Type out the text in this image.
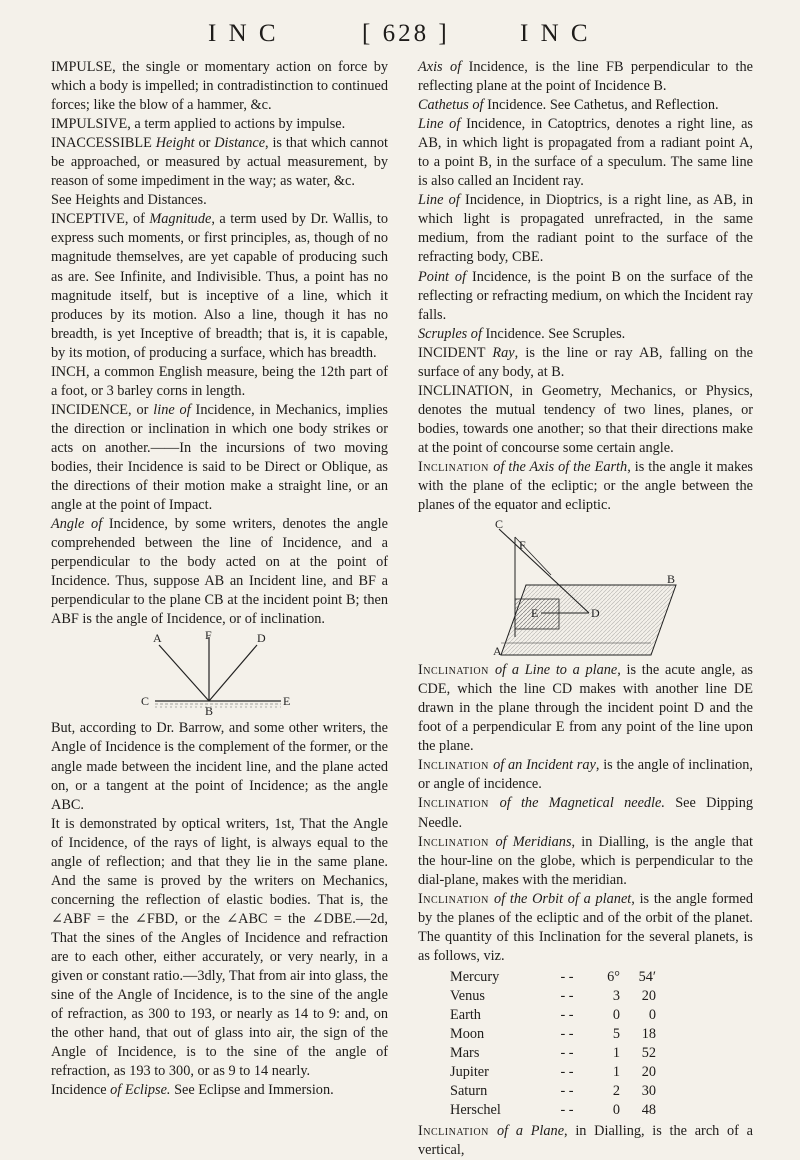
I N C	[ 628 ]	I N C

IMPULSE, the single or momentary action on force by which a body is impelled; in contradistinction to continued forces; like the blow of a hammer, &c.

IMPULSIVE, a term applied to actions by impulse.

INACCESSIBLE Height or Distance, is that which cannot be approached, or measured by actual measurement, by reason of some impediment in the way; as water, &c.

See Heights and Distances.

INCEPTIVE, of Magnitude, a term used by Dr. Wallis, to express such moments, or first principles, as, though of no magnitude themselves, are yet capable of producing such as are. See Infinite, and Indivisible. Thus, a point has no magnitude itself, but is inceptive of a line, which it produces by its motion. Also a line, though it has no breadth, is yet Inceptive of breadth; that is, it is capable, by its motion, of producing a surface, which has breadth.

INCH, a common English measure, being the 12th part of a foot, or 3 barley corns in length.

INCIDENCE, or line of Incidence, in Mechanics, implies the direction or inclination in which one body strikes or acts on another.——In the incursions of two moving bodies, their Incidence is said to be Direct or Oblique, as the directions of their motion make a straight line, or an angle at the point of Impact.

Angle of Incidence, by some writers, denotes the angle comprehended between the line of Incidence, and a perpendicular to the body acted on at the point of Incidence. Thus, suppose AB an Incident line, and BF a perpendicular to the plane CB at the incident point B; then ABF is the angle of Incidence, or of inclination.

A	F	D
C
B
E

But, according to Dr. Barrow, and some other writers, the Angle of Incidence is the complement of the former, or the angle made between the incident line, and the plane acted on, or a tangent at the point of Incidence; as the angle ABC.

It is demonstrated by optical writers, 1st, That the Angle of Incidence, of the rays of light, is always equal to the angle of reflection; and that they lie in the same plane. And the same is proved by the writers on Mechanics, concerning the reflection of elastic bodies. That is, the ∠ABF = the ∠FBD, or the ∠ABC = the ∠DBE.—2d, That the sines of the Angles of Incidence and refraction are to each other, either accurately, or very nearly, in a given or constant ratio.—3dly, That from air into glass, the sine of the Angle of Incidence, is to the sine of the angle of refraction, as 300 to 193, or nearly as 14 to 9: and, on the other hand, that out of glass into air, the sign of the Angle of Incidence, is to the sine of the angle of refraction, as 193 to 300, or as 9 to 14 nearly.

Incidence of Eclipse. See Eclipse and Immersion.

Axis of Incidence, is the line FB perpendicular to the reflecting plane at the point of Incidence B.

Cathetus of Incidence. See Cathetus, and Reflection.

Line of Incidence, in Catoptrics, denotes a right line, as AB, in which light is propagated from a radiant point A, to a point B, in the surface of a speculum. The same line is also called an Incident ray.

Line of Incidence, in Dioptrics, is a right line, as AB, in which light is propagated unrefracted, in the same medium, from the radiant point to the surface of the refracting body, CBE.

Point of Incidence, is the point B on the surface of the reflecting or refracting medium, on which the Incident ray falls.

Scruples of Incidence. See Scruples.

INCIDENT Ray, is the line or ray AB, falling on the surface of any body, at B.

INCLINATION, in Geometry, Mechanics, or Physics, denotes the mutual tendency of two lines, planes, or bodies, towards one another; so that their directions make at the point of concourse some certain angle.

Inclination of the Axis of the Earth, is the angle it makes with the plane of the ecliptic; or the angle between the planes of the equator and ecliptic.

C
F
B
E	D
A

Inclination of a Line to a plane, is the acute angle, as CDE, which the line CD makes with another line DE drawn in the plane through the incident point D and the foot of a perpendicular E from any point of the line upon the plane.

Inclination of an Incident ray, is the angle of inclination, or angle of incidence.

Inclination of the Magnetical needle. See Dipping Needle.

Inclination of Meridians, in Dialling, is the angle that the hour-line on the globe, which is perpendicular to the dial-plane, makes with the meridian.

Inclination of the Orbit of a planet, is the angle formed by the planes of the ecliptic and of the orbit of the planet. The quantity of this Inclination for the several planets, is as follows, viz.

Mercury	- -	6°	54′
Venus	- -	3	20
Earth	- -	0	0
Moon	- -	5	18
Mars	- -	1	52
Jupiter	- -	1	20
Saturn	- -	2	30
Herschel	- -	0	48

Inclination of a Plane, in Dialling, is the arch of a vertical,
